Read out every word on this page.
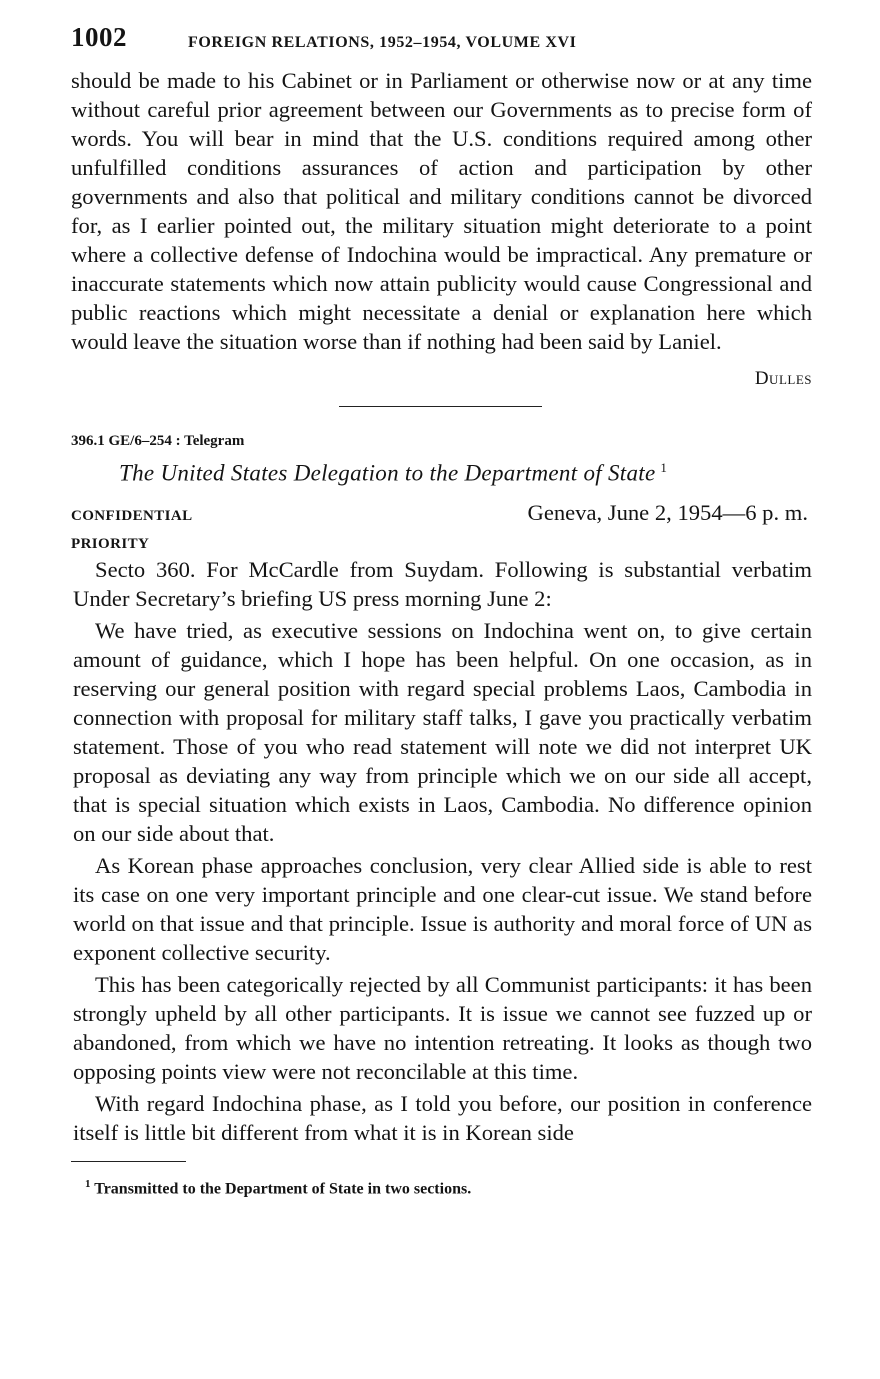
1002	FOREIGN RELATIONS, 1952–1954, VOLUME XVI

should be made to his Cabinet or in Parliament or otherwise now or at any time without careful prior agreement between our Governments as to precise form of words. You will bear in mind that the U.S. conditions required among other unfulfilled conditions assurances of action and participation by other governments and also that political and military conditions cannot be divorced for, as I earlier pointed out, the military situation might deteriorate to a point where a collective defense of Indochina would be impractical. Any premature or inaccurate statements which now attain publicity would cause Congressional and public reactions which might necessitate a denial or explanation here which would leave the situation worse than if nothing had been said by Laniel.

Dulles
396.1 GE/6–254 : Telegram
The United States Delegation to the Department of State  $^1$
CONFIDENTIAL
PRIORITY
Geneva, June 2, 1954—6 p. m.

Secto 360. For McCardle from Suydam. Following is substantial verbatim Under Secretary’s briefing US press morning June 2:

We have tried, as executive sessions on Indochina went on, to give certain amount of guidance, which I hope has been helpful. On one occasion, as in reserving our general position with regard special problems Laos, Cambodia in connection with proposal for military staff talks, I gave you practically verbatim statement. Those of you who read statement will note we did not interpret UK proposal as deviating any way from principle which we on our side all accept, that is special situation which exists in Laos, Cambodia. No difference opinion on our side about that.

As Korean phase approaches conclusion, very clear Allied side is able to rest its case on one very important principle and one clear-cut issue. We stand before world on that issue and that principle. Issue is authority and moral force of UN as exponent collective security.

This has been categorically rejected by all Communist participants: it has been strongly upheld by all other participants. It is issue we cannot see fuzzed up or abandoned, from which we have no intention retreating. It looks as though two opposing points view were not reconcilable at this time.

With regard Indochina phase, as I told you before, our position in conference itself is little bit different from what it is in Korean side

$^1$ Transmitted to the Department of State in two sections.
